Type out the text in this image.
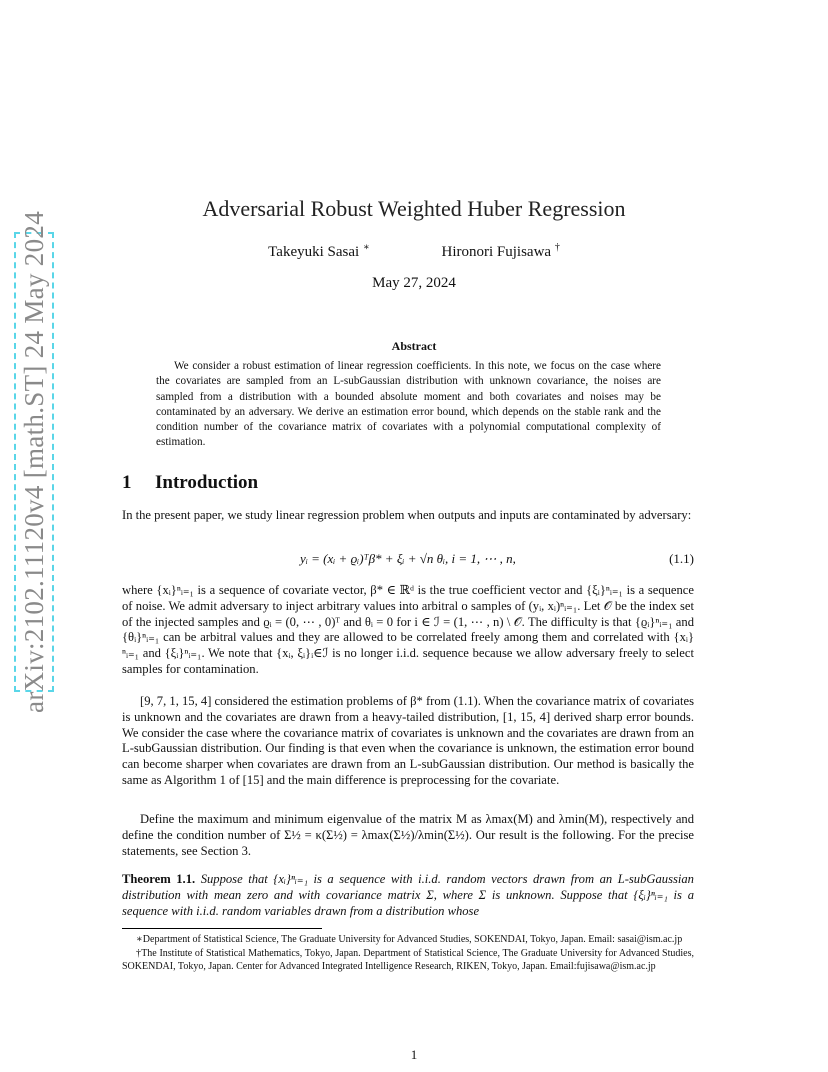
arXiv:2102.11120v4 [math.ST] 24 May 2024
Adversarial Robust Weighted Huber Regression
Takeyuki Sasai ∗	Hironori Fujisawa †
May 27, 2024
Abstract
We consider a robust estimation of linear regression coefficients. In this note, we focus on the case where the covariates are sampled from an L-subGaussian distribution with unknown covariance, the noises are sampled from a distribution with a bounded absolute moment and both covariates and noises may be contaminated by an adversary. We derive an estimation error bound, which depends on the stable rank and the condition number of the covariance matrix of covariates with a polynomial computational complexity of estimation.
1 Introduction
In the present paper, we study linear regression problem when outputs and inputs are contaminated by adversary:
yᵢ = (xᵢ + ϱᵢ)ᵀβ* + ξᵢ + √n θᵢ, i = 1, ⋯ , n,	(1.1)
where {xᵢ}ⁿᵢ₌₁ is a sequence of covariate vector, β* ∈ ℝᵈ is the true coefficient vector and {ξᵢ}ⁿᵢ₌₁ is a sequence of noise. We admit adversary to inject arbitrary values into arbitral o samples of (yᵢ, xᵢ)ⁿᵢ₌₁. Let 𝒪 be the index set of the injected samples and ϱᵢ = (0, ⋯ , 0)ᵀ and θᵢ = 0 for i ∈ ℐ = (1, ⋯ , n) \ 𝒪. The difficulty is that {ϱᵢ}ⁿᵢ₌₁ and {θᵢ}ⁿᵢ₌₁ can be arbitral values and they are allowed to be correlated freely among them and correlated with {xᵢ}ⁿᵢ₌₁ and {ξᵢ}ⁿᵢ₌₁. We note that {xᵢ, ξᵢ}ᵢ∈ℐ is no longer i.i.d. sequence because we allow adversary freely to select samples for contamination.
[9, 7, 1, 15, 4] considered the estimation problems of β* from (1.1). When the covariance matrix of covariates is unknown and the covariates are drawn from a heavy-tailed distribution, [1, 15, 4] derived sharp error bounds. We consider the case where the covariance matrix of covariates is unknown and the covariates are drawn from an L-subGaussian distribution. Our finding is that even when the covariance is unknown, the estimation error bound can become sharper when covariates are drawn from an L-subGaussian distribution. Our method is basically the same as Algorithm 1 of [15] and the main difference is preprocessing for the covariate.
Define the maximum and minimum eigenvalue of the matrix M as λmax(M) and λmin(M), respectively and define the condition number of Σ½ = κ(Σ½) = λmax(Σ½)/λmin(Σ½). Our result is the following. For the precise statements, see Section 3.
Theorem 1.1. Suppose that {xᵢ}ⁿᵢ₌₁ is a sequence with i.i.d. random vectors drawn from an L-subGaussian distribution with mean zero and with covariance matrix Σ, where Σ is unknown. Suppose that {ξᵢ}ⁿᵢ₌₁ is a sequence with i.i.d. random variables drawn from a distribution whose

∗Department of Statistical Science, The Graduate University for Advanced Studies, SOKENDAI, Tokyo, Japan. Email: sasai@ism.ac.jp

†The Institute of Statistical Mathematics, Tokyo, Japan. Department of Statistical Science, The Graduate University for Advanced Studies, SOKENDAI, Tokyo, Japan. Center for Advanced Integrated Intelligence Research, RIKEN, Tokyo, Japan. Email:fujisawa@ism.ac.jp

1
